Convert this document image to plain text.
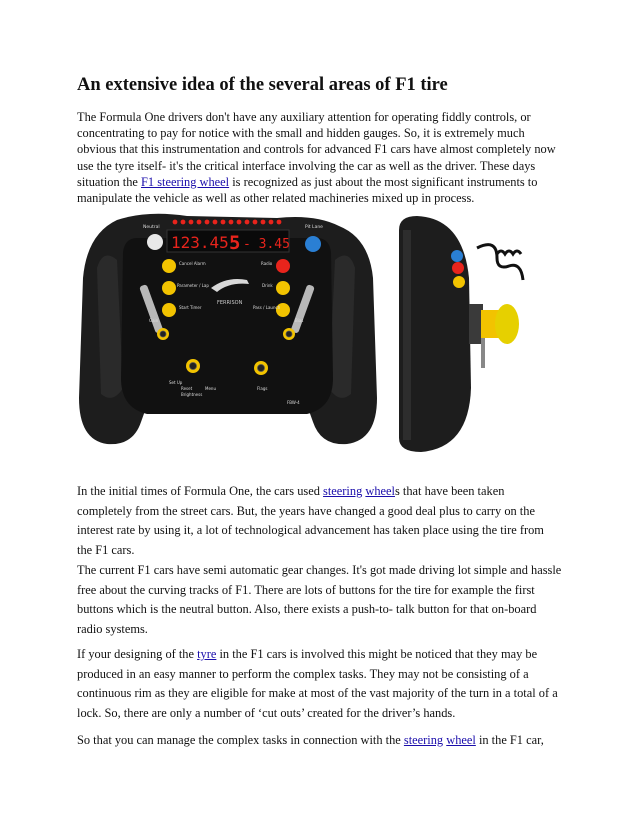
An extensive idea of the several areas of F1 tire

The Formula One drivers don't have any auxiliary attention for operating fiddly controls, or concentrating to pay for notice with the small and hidden gauges. So, it is extremely much obvious that this instrumentation and controls for advanced F1 cars have almost completely now use the tyre itself- it's the critical interface involving the car as well as the driver. These days situation the F1 steering wheel is recognized as just about the most significant instruments to manipulate the vehicle as well as other related machineries mixed up in process.

123.45 5 - 3.45
Neutral	Pit Lane
Cancel Alarm
Parameter / Lap
Start Timer
Radio
Drink
Pass / Launch
FERRISON
Gain	Bias
Set Up
Reset	Menu
Brightness
Flags
FBW-4

In the initial times of Formula One, the cars used steering wheels that have been taken completely from the street cars. But, the years have changed a good deal plus to carry on the interest rate by using it, a lot of technological advancement has taken place using the tire from the F1 cars.

The current F1 cars have semi automatic gear changes. It's got made driving lot simple and hassle free about the curving tracks of F1. There are lots of buttons for the tire for example the first buttons which is the neutral button. Also, there exists a push-to- talk button for that on-board radio systems.

If your designing of the tyre in the F1 cars is involved this might be noticed that they may be produced in an easy manner to perform the complex tasks. They may not be consisting of a continuous rim as they are eligible for make at most of the vast majority of the turn in a total of a lock. So, there are only a number of ‘cut outs’ created for the driver’s hands.

So that you can manage the complex tasks in connection with the steering wheel in the F1 car,
